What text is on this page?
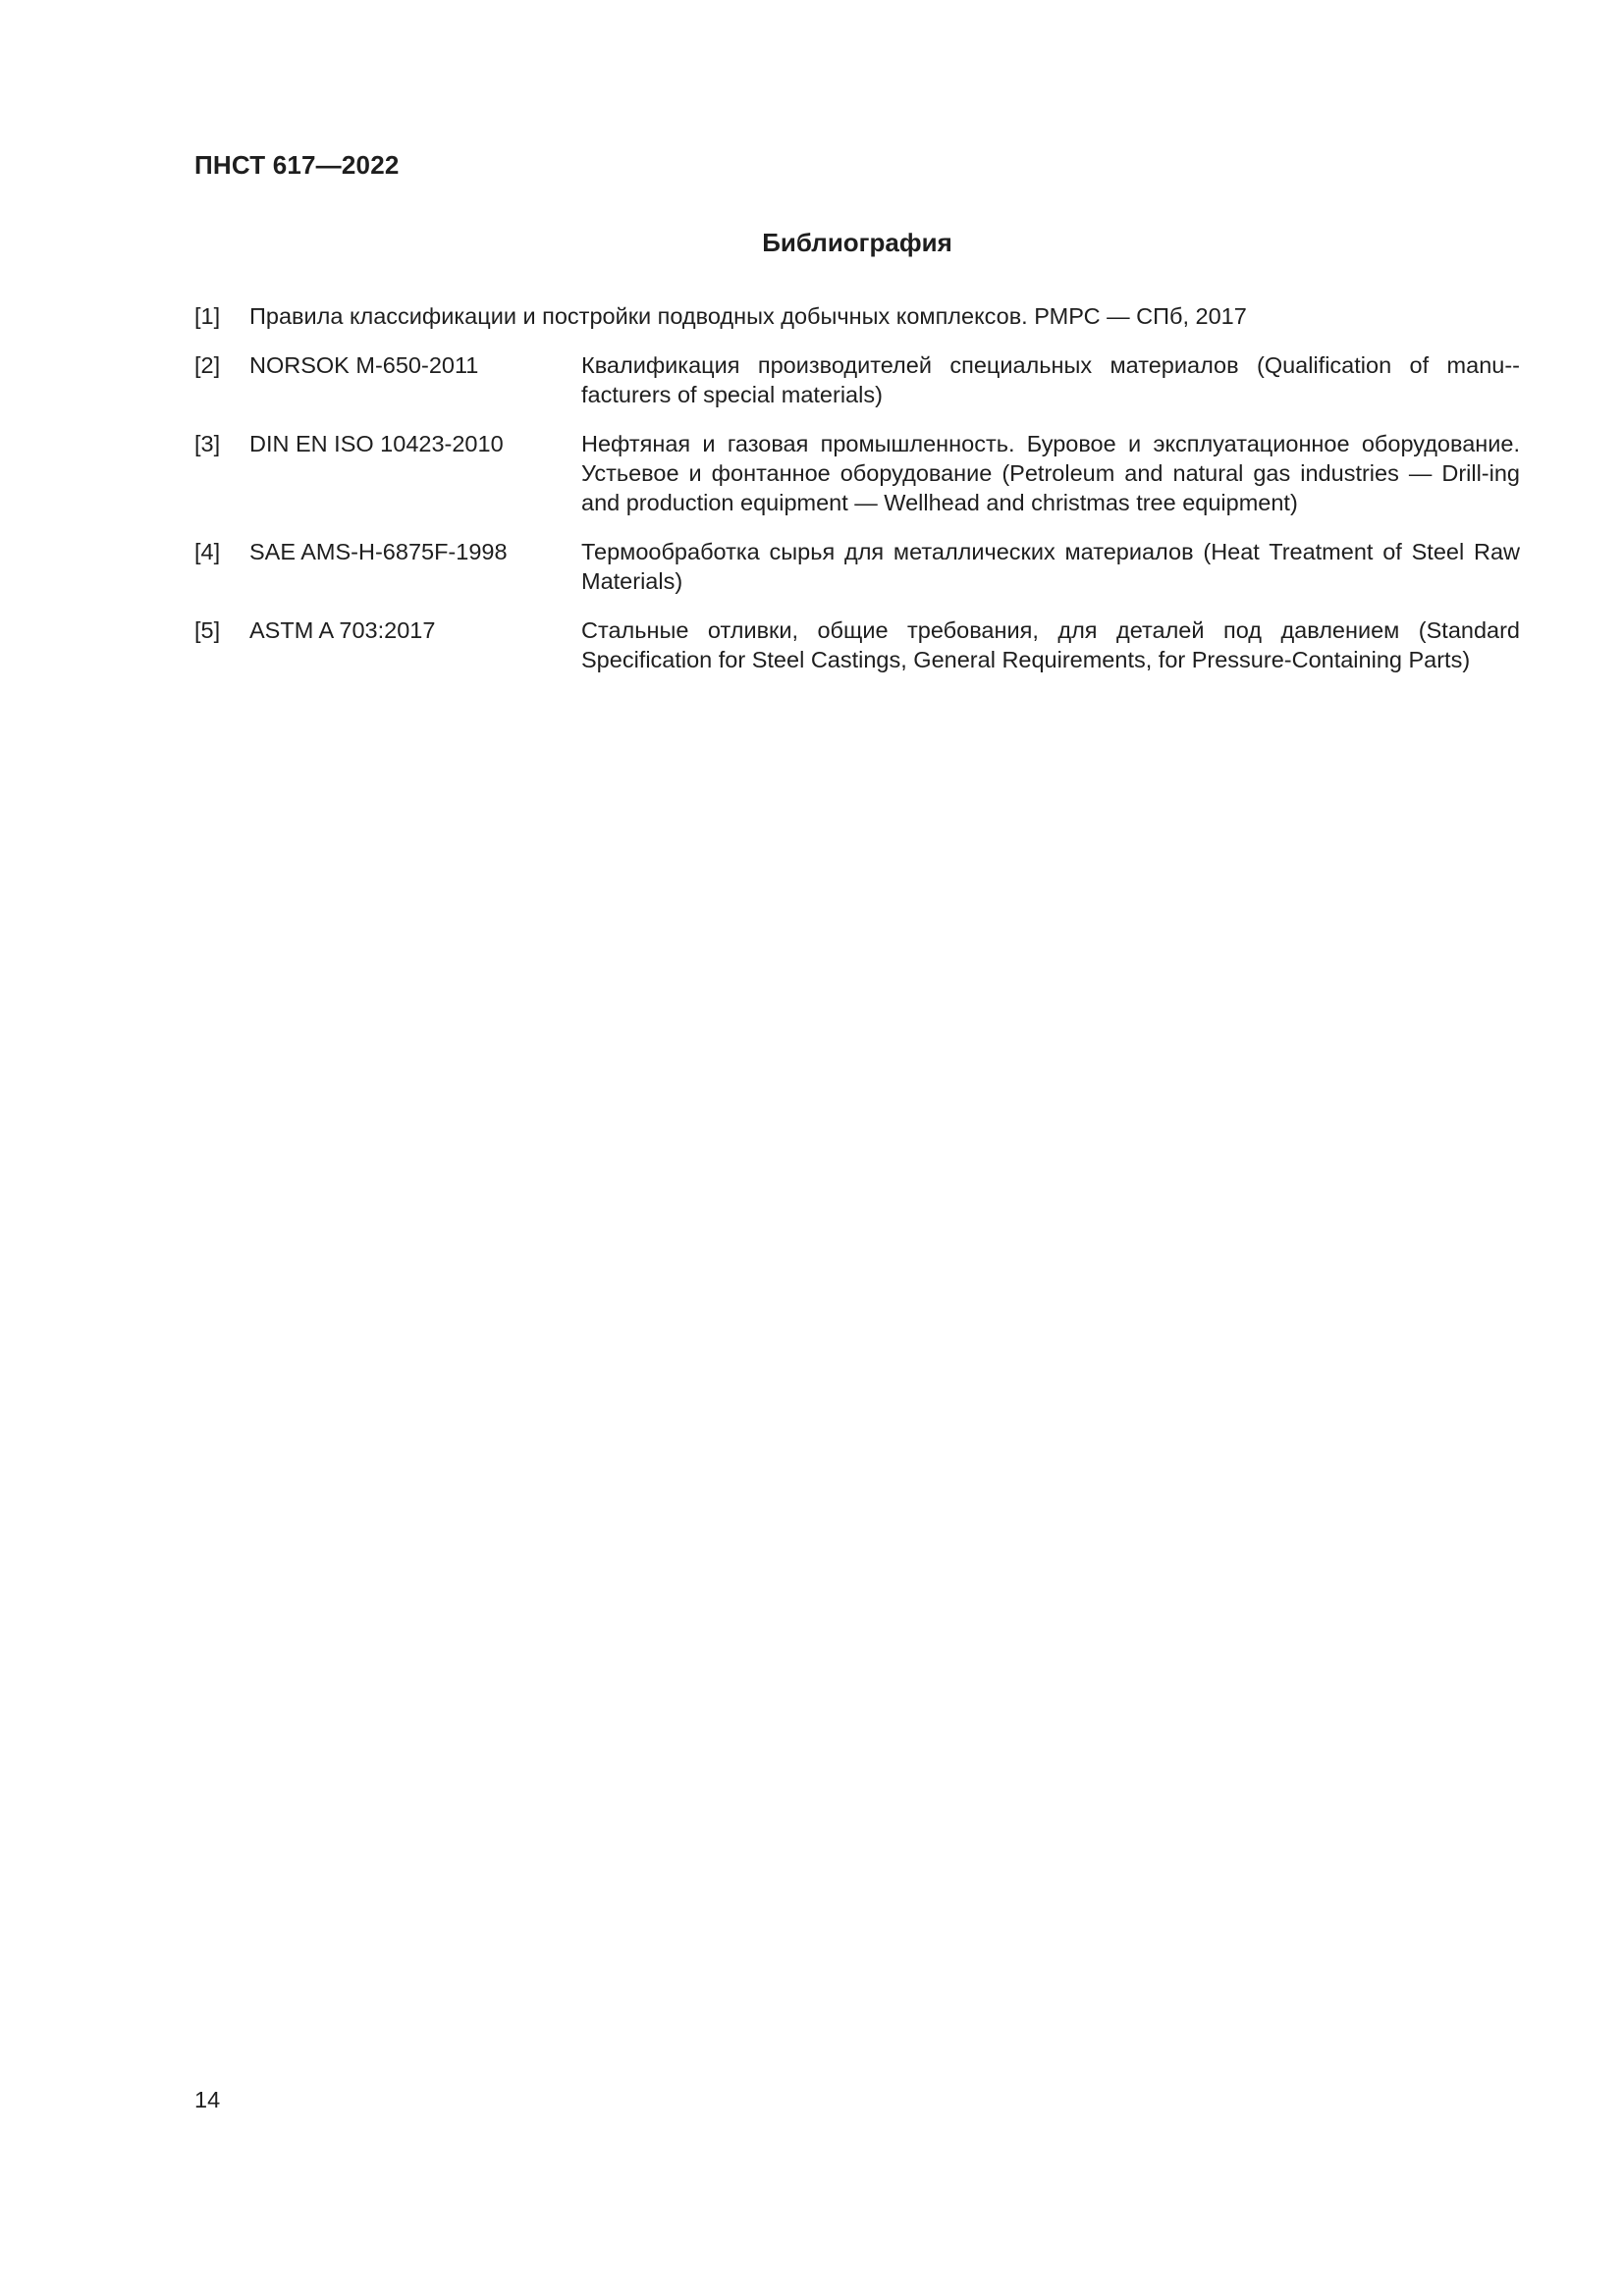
ПНСТ 617—2022

Библиография
[1]	Правила классификации и постройки подводных добычных комплексов. РМРС — СПб, 2017
[2]	NORSOK M-650-2011	Квалификация производителей специальных материалов (Qualification of manu-facturers of special materials)
[3]	DIN EN ISO 10423-2010	Нефтяная и газовая промышленность. Буровое и эксплуатационное оборудование. Устьевое и фонтанное оборудование (Petroleum and natural gas industries — Drill-ing and production equipment — Wellhead and christmas tree equipment)
[4]	SAE AMS-H-6875F-1998	Термообработка сырья для металлических материалов (Heat Treatment of Steel Raw Materials)
[5]	ASTM A 703:2017	Стальные отливки, общие требования, для деталей под давлением (Standard Specification for Steel Castings, General Requirements, for Pressure-Containing Parts)

14
